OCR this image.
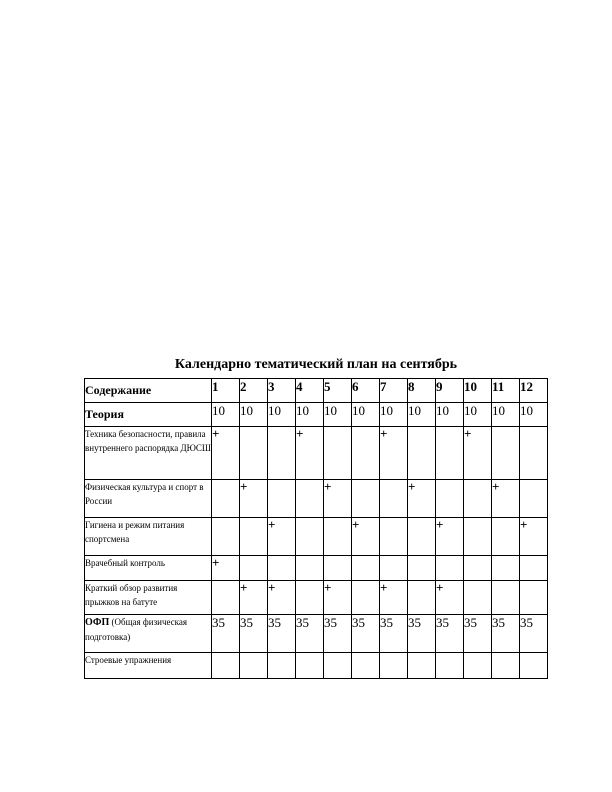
Календарно тематический план на сентябрь
Содержание	1	2	3	4	5	6	7	8	9	10	11	12
Теория	10	10	10	10	10	10	10	10	10	10	10	10
Техника безопасности, правила внутреннего распорядка ДЮСШ	+			+			+			+		
Физическая культура и спорт в России		+			+			+			+	
Гигиена и режим питания спортсмена			+			+			+			+
Врачебный контроль	+											
Краткий обзор развития прыжков на батуте		+	+		+		+		+			
ОФП (Общая физическая подготовка)	35	35	35	35	35	35	35	35	35	35	35	35
Строевые упражнения												
